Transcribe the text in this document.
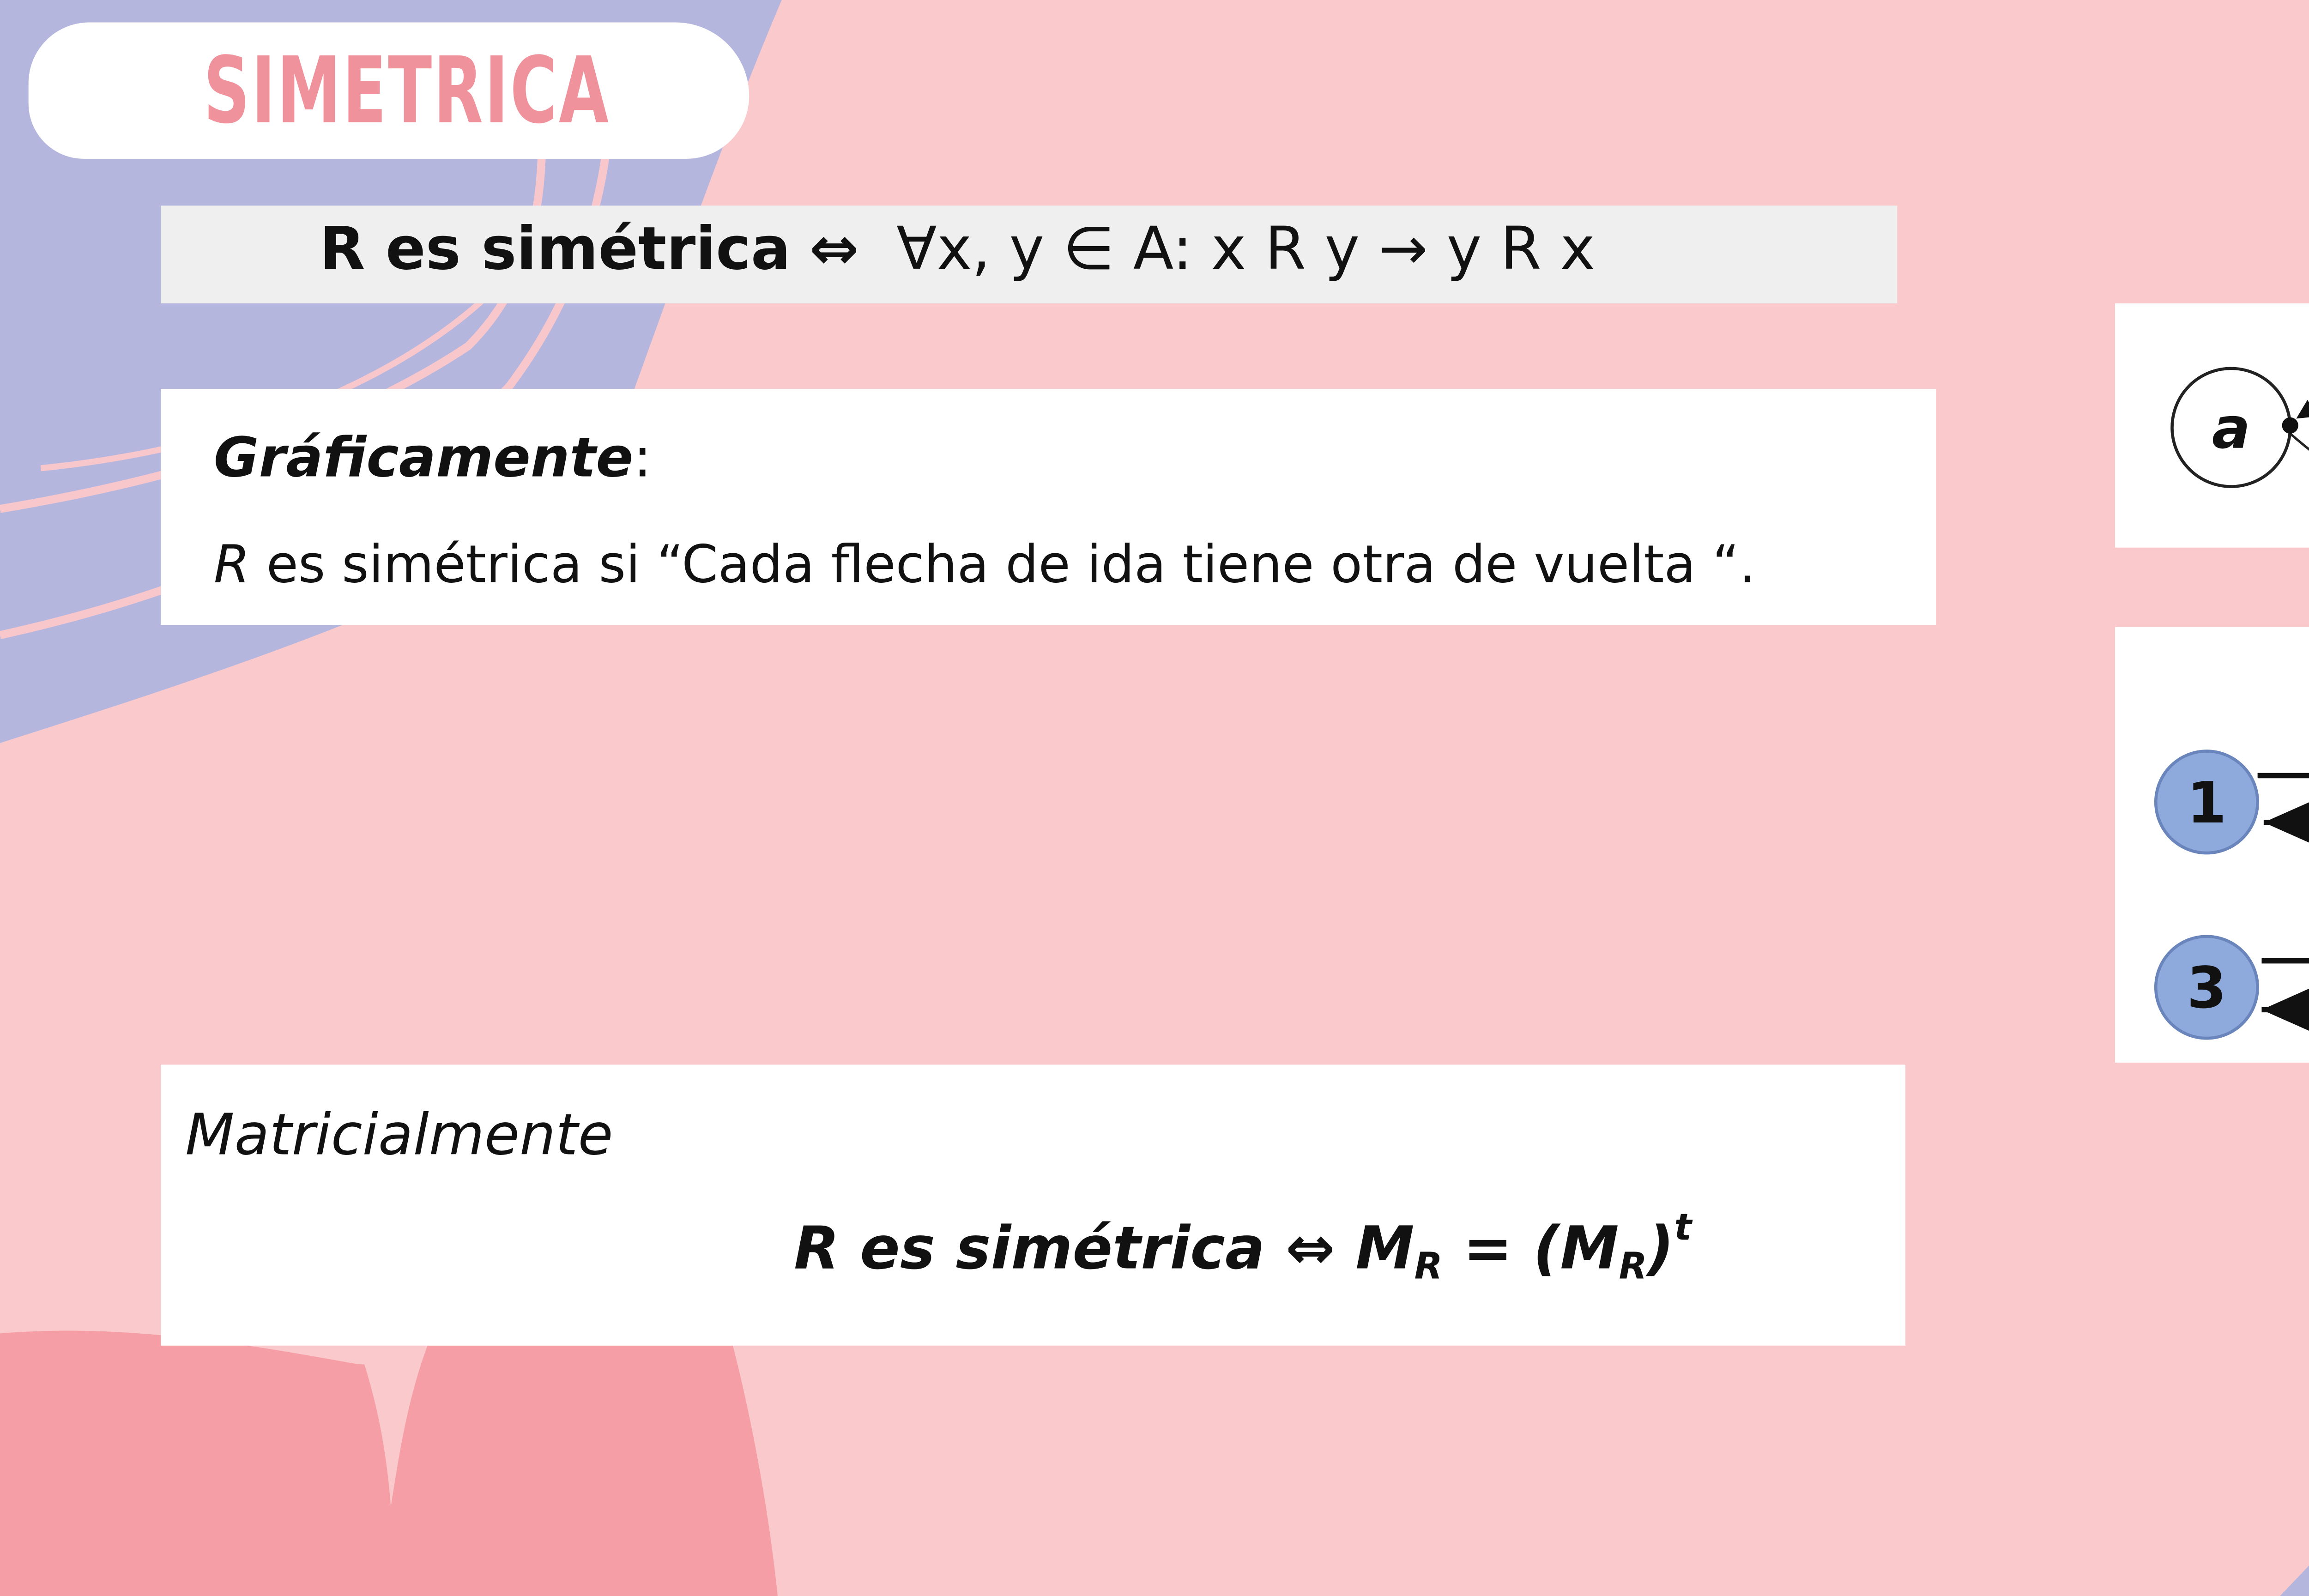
SIMETRICA
R es simétrica ⇔	∀x, y ∈ A: x R y → y R x
Gráficamente:
R es simétrica si “Cada flecha de ida tiene otra de vuelta “.
Matricialmente
R es simétrica ⇔ $M_R = (M_R)^t$
a
1
3
